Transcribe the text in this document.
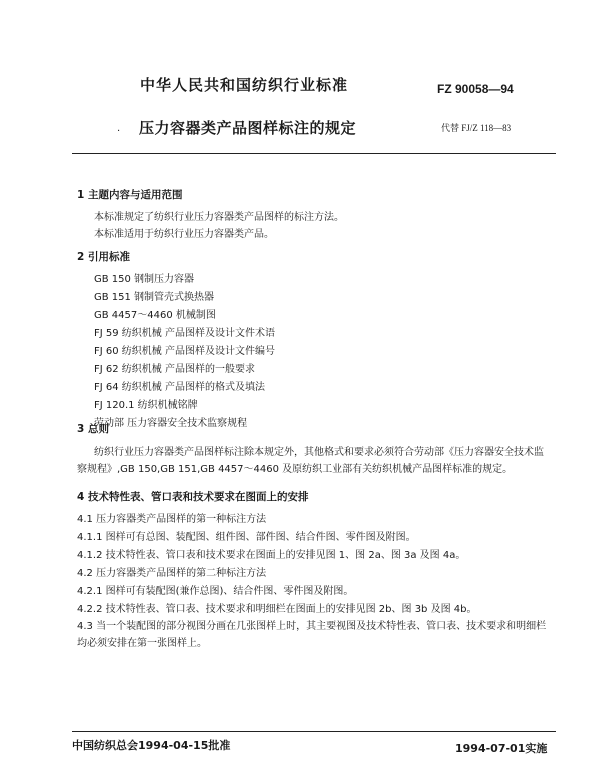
中华人民共和国纺织行业标准	FZ 90058—94
. 压力容器类产品图样标注的规定	代替 FJ/Z 118—83
1 主题内容与适用范围
本标准规定了纺织行业压力容器类产品图样的标注方法。
本标准适用于纺织行业压力容器类产品。
2 引用标准
GB 150 钢制压力容器
GB 151 钢制管壳式换热器
GB 4457～4460 机械制图
FJ 59 纺织机械 产品图样及设计文件术语
FJ 60 纺织机械 产品图样及设计文件编号
FJ 62 纺织机械 产品图样的一般要求
FJ 64 纺织机械 产品图样的格式及填法
FJ 120.1 纺织机械铭牌
劳动部 压力容器安全技术监察规程
3 总则
纺织行业压力容器类产品图样标注除本规定外，其他格式和要求必须符合劳动部《压力容器安全技术监察规程》,GB 150,GB 151,GB 4457～4460 及原纺织工业部有关纺织机械产品图样标准的规定。
4 技术特性表、管口表和技术要求在图面上的安排
4.1 压力容器类产品图样的第一种标注方法
4.1.1 图样可有总图、装配图、组件图、部件图、结合件图、零件图及附图。
4.1.2 技术特性表、管口表和技术要求在图面上的安排见图 1、图 2a、图 3a 及图 4a。
4.2 压力容器类产品图样的第二种标注方法
4.2.1 图样可有装配图(兼作总图)、结合件图、零件图及附图。
4.2.2 技术特性表、管口表、技术要求和明细栏在图面上的安排见图 2b、图 3b 及图 4b。
4.3 当一个装配图的部分视图分画在几张图样上时，其主要视图及技术特性表、管口表、技术要求和明细栏均必须安排在第一张图样上。
中国纺织总会1994-04-15批准	1994-07-01实施
